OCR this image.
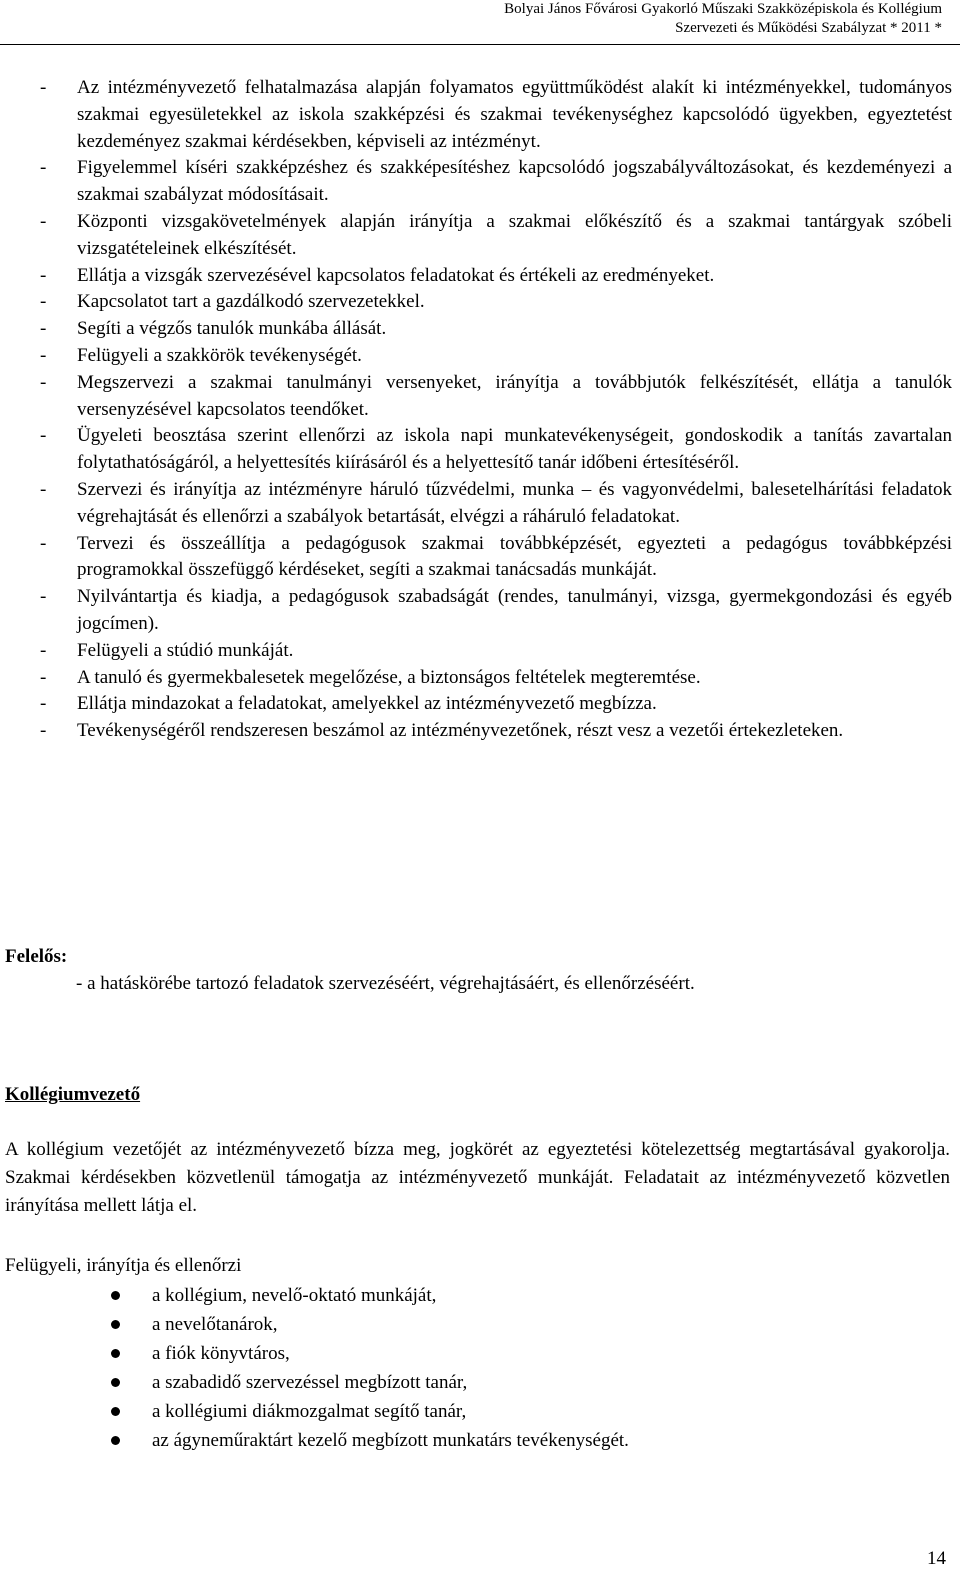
Bolyai János Fővárosi Gyakorló Műszaki Szakközépiskola és Kollégium
Szervezeti és Működési Szabályzat * 2011 *
- Az intézményvezető felhatalmazása alapján folyamatos együttműködést alakít ki intézményekkel, tudományos szakmai egyesületekkel az iskola szakképzési és szakmai tevékenységhez kapcsolódó ügyekben, egyeztetést kezdeményez szakmai kérdésekben, képviseli az intézményt.
- Figyelemmel kíséri szakképzéshez és szakképesítéshez kapcsolódó jogszabályváltozásokat, és kezdeményezi a szakmai szabályzat módosításait.
- Központi vizsgakövetelmények alapján irányítja a szakmai előkészítő és a szakmai tantárgyak szóbeli vizsgatételeinek elkészítését.
- Ellátja a vizsgák szervezésével kapcsolatos feladatokat és értékeli az eredményeket.
- Kapcsolatot tart a gazdálkodó szervezetekkel.
- Segíti a végzős tanulók munkába állását.
- Felügyeli a szakkörök tevékenységét.
- Megszervezi a szakmai tanulmányi versenyeket, irányítja a továbbjutók felkészítését, ellátja a tanulók versenyzésével kapcsolatos teendőket.
- Ügyeleti beosztása szerint ellenőrzi az iskola napi munkatevékenységeit, gondoskodik a tanítás zavartalan folytathatóságáról, a helyettesítés kiírásáról és a helyettesítő tanár időbeni értesítéséről.
- Szervezi és irányítja az intézményre háruló tűzvédelmi, munka – és vagyonvédelmi, balesetelhárítási feladatok végrehajtását és ellenőrzi a szabályok betartását, elvégzi a ráháruló feladatokat.
- Tervezi és összeállítja a pedagógusok szakmai továbbképzését, egyezteti a pedagógus továbbképzési programokkal összefüggő kérdéseket, segíti a szakmai tanácsadás munkáját.
- Nyilvántartja és kiadja, a pedagógusok szabadságát (rendes, tanulmányi, vizsga, gyermekgondozási és egyéb jogcímen).
- Felügyeli a stúdió munkáját.
- A tanuló és gyermekbalesetek megelőzése, a biztonságos feltételek megteremtése.
- Ellátja mindazokat a feladatokat, amelyekkel az intézményvezető megbízza.
- Tevékenységéről rendszeresen beszámol az intézményvezetőnek, részt vesz a vezetői értekezleteken.

Felelős:

- a hatáskörébe tartozó feladatok szervezéséért, végrehajtásáért, és ellenőrzéséért.

Kollégiumvezető

A kollégium vezetőjét az intézményvezető bízza meg, jogkörét az egyeztetési kötelezettség megtartásával gyakorolja. Szakmai kérdésekben közvetlenül támogatja az intézményvezető munkáját. Feladatait az intézményvezető közvetlen irányítása mellett látja el.

Felügyeli, irányítja és ellenőrzi

a kollégium, nevelő-oktató munkáját,
a nevelőtanárok,
a fiók könyvtáros,
a szabadidő szervezéssel megbízott tanár,
a kollégiumi diákmozgalmat segítő tanár,
az ágyneműraktárt kezelő megbízott munkatárs tevékenységét.
14
